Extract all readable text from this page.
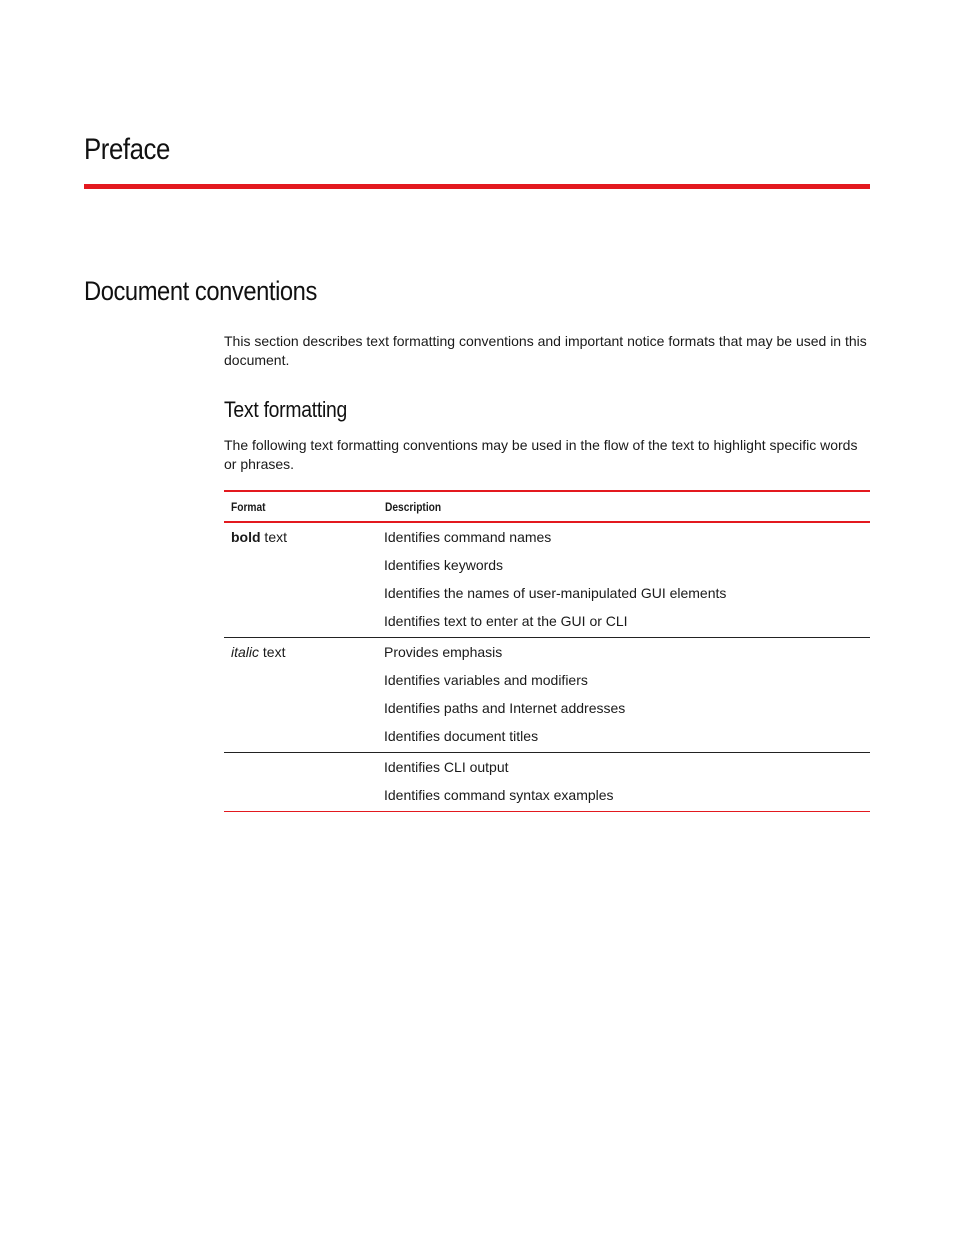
Preface
Document conventions

This section describes text formatting conventions and important notice formats that may be used in this document.

Text formatting

The following text formatting conventions may be used in the flow of the text to highlight specific words or phrases.

Format	Description

bold text	Identifies command names
Identifies keywords
Identifies the names of user-manipulated GUI elements
Identifies text to enter at the GUI or CLI

italic text	Provides emphasis
Identifies variables and modifiers
Identifies paths and Internet addresses
Identifies document titles

	Identifies CLI output
Identifies command syntax examples
